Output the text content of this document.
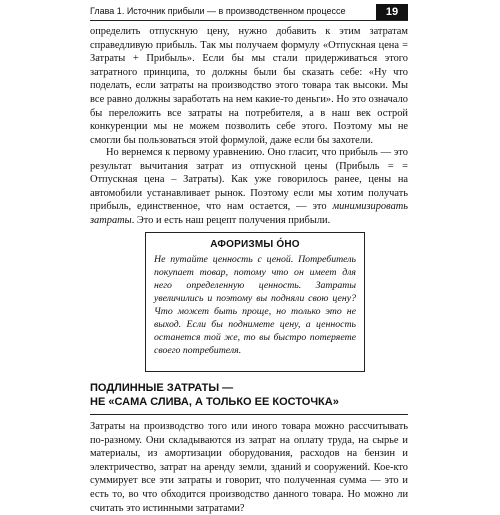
Глава 1. Источник прибыли — в производственном процессе	19

определить отпускную цену, нужно добавить к этим затратам справедливую прибыль. Так мы получаем формулу «Отпускная цена = Затраты + Прибыль». Если бы мы стали придерживаться этого затратного принципа, то должны были бы сказать себе: «Ну что поделать, если затраты на производство этого товара так высоки. Мы все равно должны заработать на нем какие-то деньги». Но это означало бы переложить все затраты на потребителя, а в наш век острой конкуренции мы не можем позволить себе этого. Поэтому мы не смогли бы пользоваться этой формулой, даже если бы захотели.

Но вернемся к первому уравнению. Оно гласит, что прибыль — это результат вычитания затрат из отпускной цены (Прибыль = = Отпускная цена – Затраты). Как уже говорилось ранее, цены на автомобили устанавливает рынок. Поэтому если мы хотим получать прибыль, единственное, что нам остается, — это минимизировать затраты. Это и есть наш рецепт получения прибыли.

АФОРИЗМЫ ÓНО

Не путайте ценность с ценой. Потребитель покупает товар, потому что он имеет для него определенную ценность. Затраты увеличились и поэтому вы подняли свою цену? Что может быть проще, но только это не выход. Если бы поднимете цену, а ценность останется той же, то вы быстро потеряете своего потребителя.

ПОДЛИННЫЕ ЗАТРАТЫ —
НЕ «САМА СЛИВА, А ТОЛЬКО ЕЕ КОСТОЧКА»

Затраты на производство того или иного товара можно рассчитывать по-разному. Они складываются из затрат на оплату труда, на сырье и материалы, из амортизации оборудования, расходов на бензин и электричество, затрат на аренду земли, зданий и сооружений. Кое-кто суммирует все эти затраты и говорит, что полученная сумма — это и есть то, во что обходится производство данного товара. Но можно ли считать это истинными затратами?
